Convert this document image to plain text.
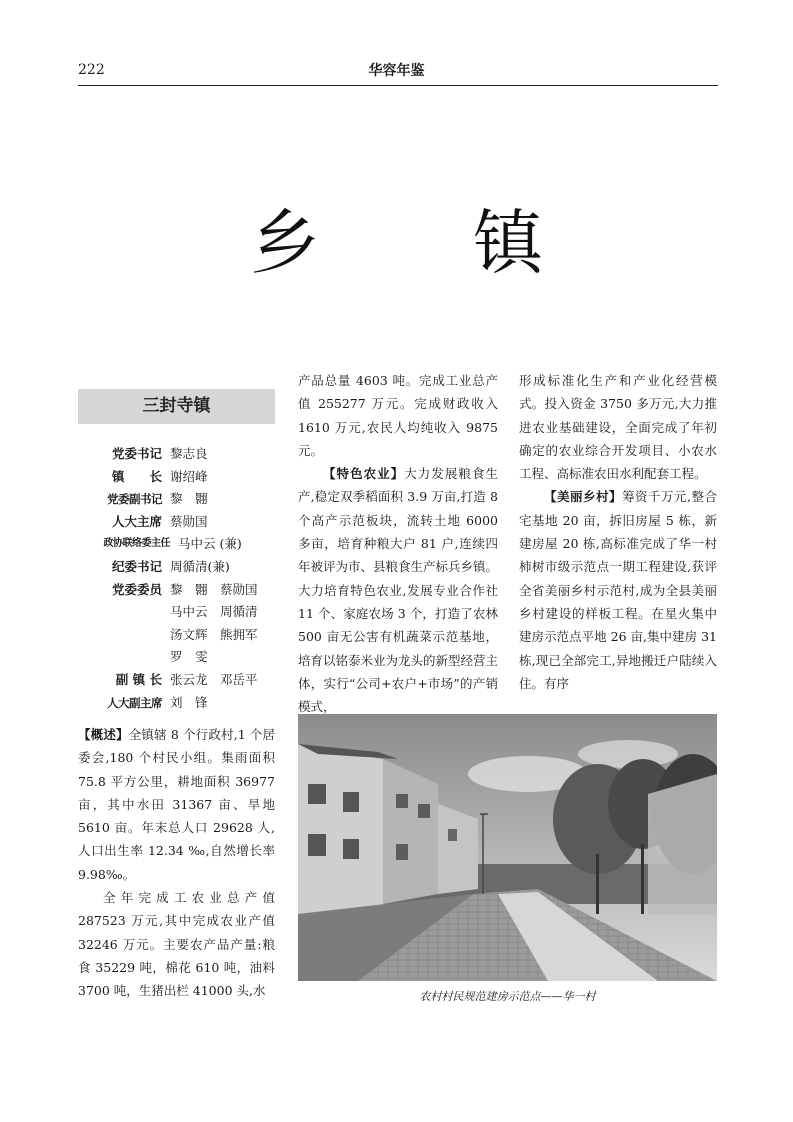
222	华容年鉴
乡 镇
三封寺镇
党委书记 黎志良
镇　　长 谢绍峰
党委副书记 黎　翾
人大主席 蔡勋国
政协联络委主任 马中云 (兼)
纪委书记 周循清(兼)
党委委员 黎　翾　蔡勋国
马中云　周循清
汤文辉　熊拥军
罗　雯
副 镇 长 张云龙　邓岳平
人大副主席 刘　锋

【概述】全镇辖 8 个行政村,1 个居委会,180 个村民小组。集雨面积 75.8 平方公里，耕地面积 36977 亩，其中水田 31367 亩、旱地 5610 亩。年末总人口 29628 人,人口出生率 12.34 ‰,自然增长率 9.98‰。

全年完成工农业总产值 287523 万元,其中完成农业产值 32246 万元。主要农产品产量:粮食 35229 吨，棉花 610 吨，油料 3700 吨，生猪出栏 41000 头,水

产品总量 4603 吨。完成工业总产值 255277 万元。完成财政收入 1610 万元,农民人均纯收入 9875 元。

【特色农业】大力发展粮食生产,稳定双季稻面积 3.9 万亩,打造 8 个高产示范板块，流转土地 6000 多亩，培育种粮大户 81 户,连续四年被评为市、县粮食生产标兵乡镇。大力培育特色农业,发展专业合作社 11 个、家庭农场 3 个，打造了农林 500 亩无公害有机蔬菜示范基地，培育以铭泰米业为龙头的新型经营主体，实行“公司+农户+市场”的产销模式，

形成标准化生产和产业化经营模式。投入资金 3750 多万元,大力推进农业基础建设，全面完成了年初确定的农业综合开发项目、小农水工程、高标准农田水利配套工程。

【美丽乡村】筹资千万元,整合宅基地 20 亩，拆旧房屋 5 栋，新建房屋 20 栋,高标准完成了华一村柿树市级示范点一期工程建设,获评全省美丽乡村示范村,成为全县美丽乡村建设的样板工程。在星火集中建房示范点平地 26 亩,集中建房 31 栋,现已全部完工,异地搬迁户陆续入住。有序

农村村民规范建房示范点——华一村
